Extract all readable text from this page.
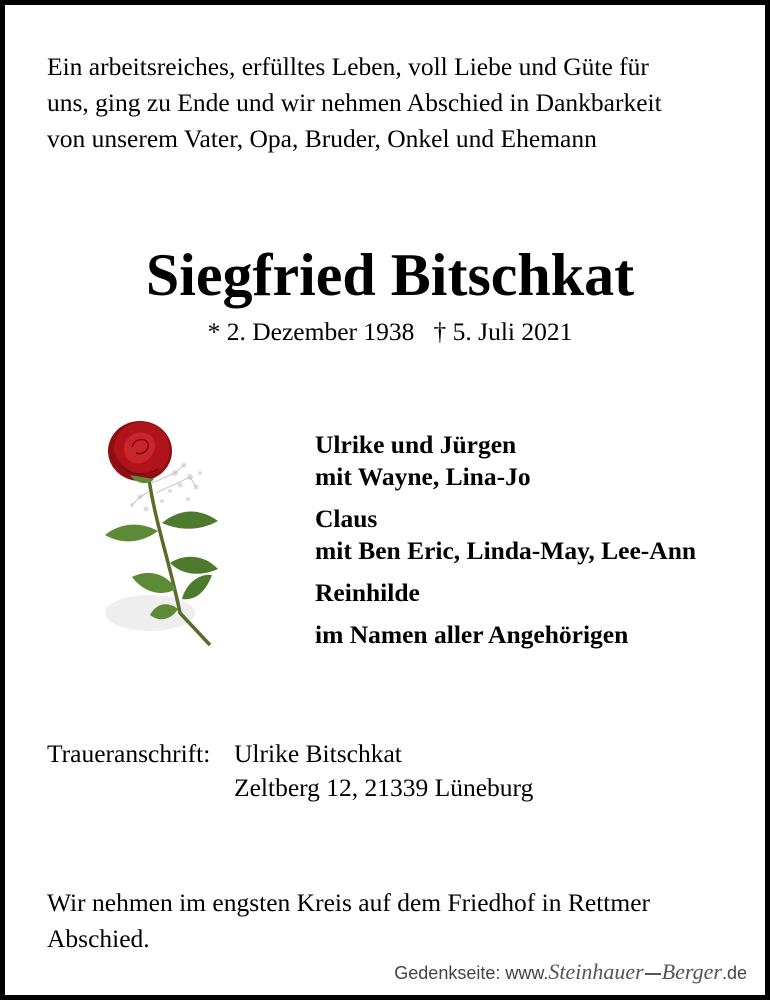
Ein arbeitsreiches, erfülltes Leben, voll Liebe und Güte für
uns, ging zu Ende und wir nehmen Abschied in Dankbarkeit
von unserem Vater, Opa, Bruder, Onkel und Ehemann
Siegfried Bitschkat
* 2. Dezember 1938   † 5. Juli 2021
Ulrike und Jürgen
mit Wayne, Lina-Jo
Claus
mit Ben Eric, Linda-May, Lee-Ann
Reinhilde
im Namen aller Angehörigen
Traueranschrift: Ulrike Bitschkat
Zeltberg 12, 21339 Lüneburg
Wir nehmen im engsten Kreis auf dem Friedhof in Rettmer
Abschied.
Gedenkseite: www.Steinhauer Berger.de
